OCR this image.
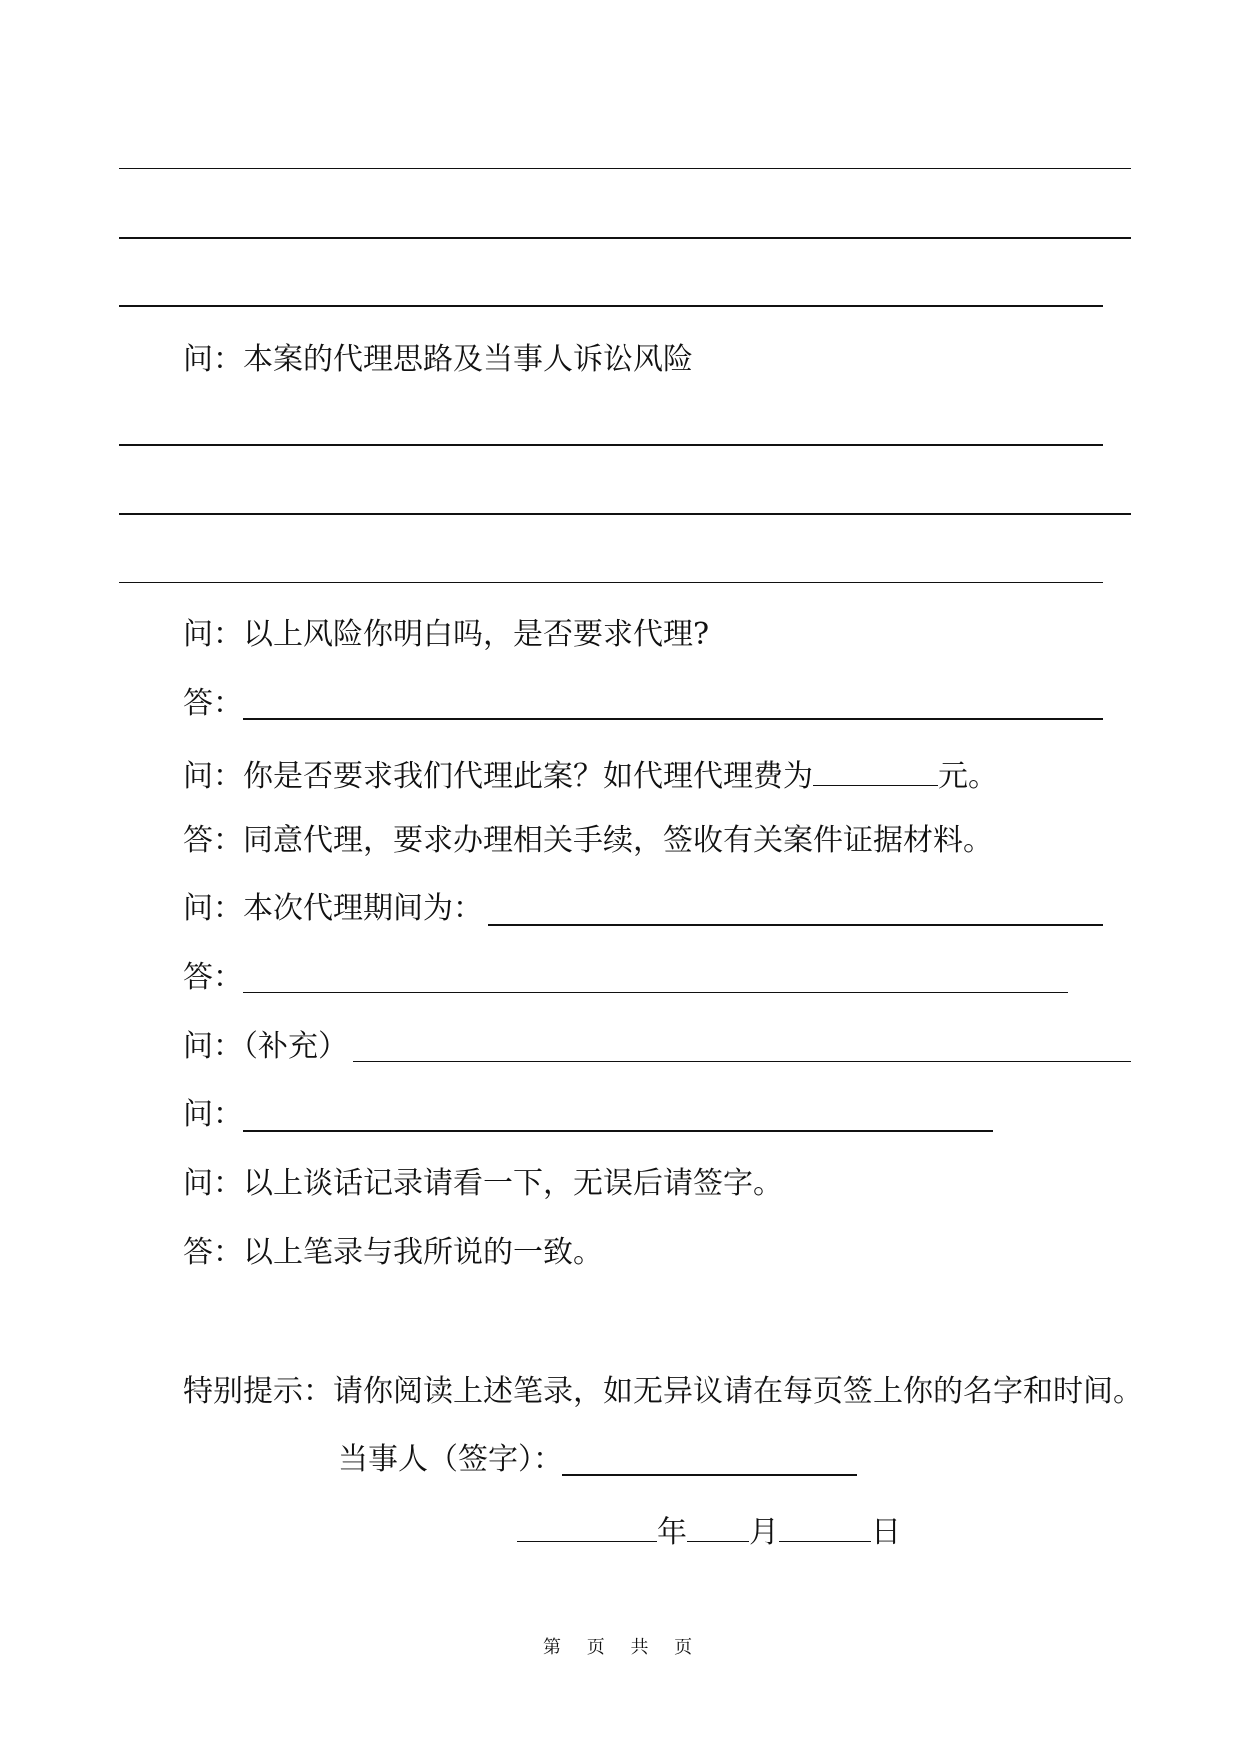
问：本案的代理思路及当事人诉讼风险
问：以上风险你明白吗，是否要求代理?
答：
问：你是否要求我们代理此案？如代理代理费为	元。
答：同意代理，要求办理相关手续，签收有关案件证据材料。
问：本次代理期间为：
答：
问：（补充）
问：
问：以上谈话记录请看一下，无误后请签字。
答：以上笔录与我所说的一致。
特别提示：请你阅读上述笔录，如无异议请在每页签上你的名字和时间。
当事人（签字）：
年 月	日
第 页 共 页
